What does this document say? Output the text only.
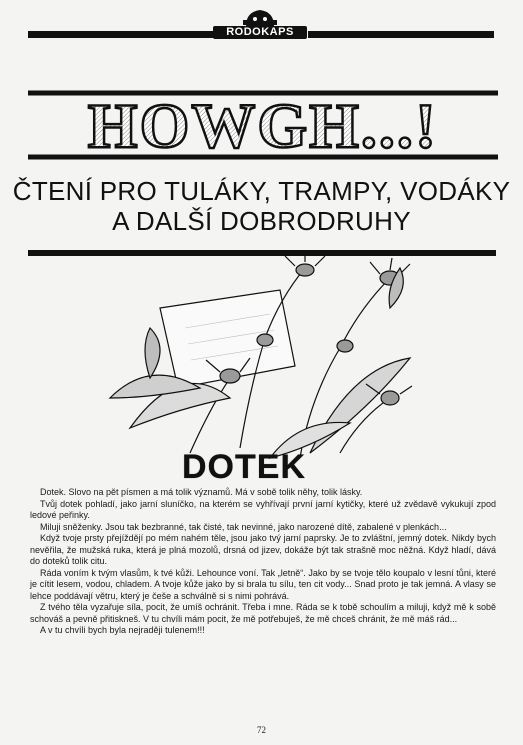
RODOKAPS
HOWGH...!
ČTENÍ PRO TULÁKY, TRAMPY, VODÁKY
A DALŠÍ DOBRODRUHY
DOTEK

Dotek. Slovo na pět písmen a má tolik významů. Má v sobě tolik něhy, tolik lásky.

Tvůj dotek pohladí, jako jarní sluníčko, na kterém se vyhřívají první jarní kytičky, které už zvědavě vykukují zpod ledové peřinky.

Miluji sněženky. Jsou tak bezbranné, tak čisté, tak nevinné, jako narozené dítě, zabalené v plenkách...

Když tvoje prsty přejíždějí po mém nahém těle, jsou jako tvý jarní paprsky. Je to zvláštní, jemný dotek. Nikdy bych nevěřila, že mužská ruka, která je plná mozolů, drsná od jizev, dokáže být tak strašně moc něžná. Když hladí, dává do doteků tolik citu.

Ráda voním k tvým vlasům, k tvé kůži. Lehounce voní. Tak „letně“. Jako by se tvoje tělo koupalo v lesní tůni, které je cítit lesem, vodou, chladem. A tvoje kůže jako by si brala tu sílu, ten cit vody... Snad proto je tak jemná. A vlasy se lehce poddávají větru, který je češe a schválně si s nimi pohrává.

Z tvého těla vyzařuje síla, pocit, že umíš ochránit. Třeba i mne. Ráda se k tobě schoulím a miluji, když mě k sobě schováš a pevně přitiskneš. V tu chvíli mám pocit, že mě potřebuješ, že mě chceš chránit, že mě máš rád...

A v tu chvíli bych byla nejraději tulenem!!!

72
